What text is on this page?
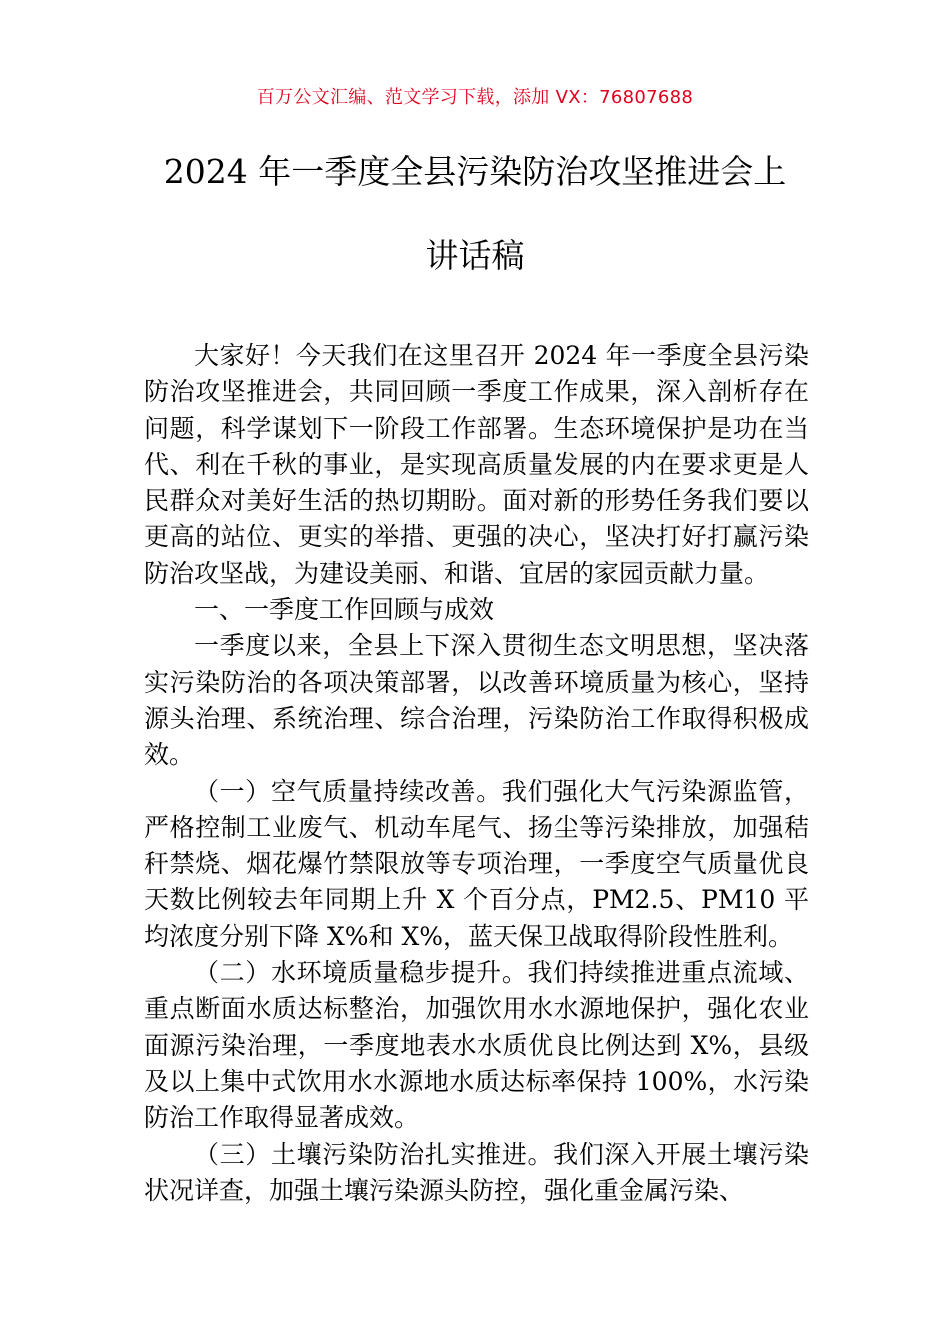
百万公文汇编、范文学习下载，添加 VX：76807688
2024 年一季度全县污染防治攻坚推进会上
讲话稿

大家好！今天我们在这里召开 2024 年一季度全县污染防治攻坚推进会，共同回顾一季度工作成果，深入剖析存在问题，科学谋划下一阶段工作部署。生态环境保护是功在当代、利在千秋的事业，是实现高质量发展的内在要求更是人民群众对美好生活的热切期盼。面对新的形势任务我们要以更高的站位、更实的举措、更强的决心，坚决打好打赢污染防治攻坚战，为建设美丽、和谐、宜居的家园贡献力量。

一、一季度工作回顾与成效

一季度以来，全县上下深入贯彻生态文明思想，坚决落实污染防治的各项决策部署，以改善环境质量为核心，坚持源头治理、系统治理、综合治理，污染防治工作取得积极成效。

（一）空气质量持续改善。我们强化大气污染源监管，严格控制工业废气、机动车尾气、扬尘等污染排放，加强秸秆禁烧、烟花爆竹禁限放等专项治理，一季度空气质量优良天数比例较去年同期上升 X 个百分点，PM2.5、PM10 平均浓度分别下降 X%和 X%，蓝天保卫战取得阶段性胜利。

（二）水环境质量稳步提升。我们持续推进重点流域、重点断面水质达标整治，加强饮用水水源地保护，强化农业面源污染治理，一季度地表水水质优良比例达到 X%，县级及以上集中式饮用水水源地水质达标率保持 100%，水污染防治工作取得显著成效。

（三）土壤污染防治扎实推进。我们深入开展土壤污染状况详查，加强土壤污染源头防控，强化重金属污染、
